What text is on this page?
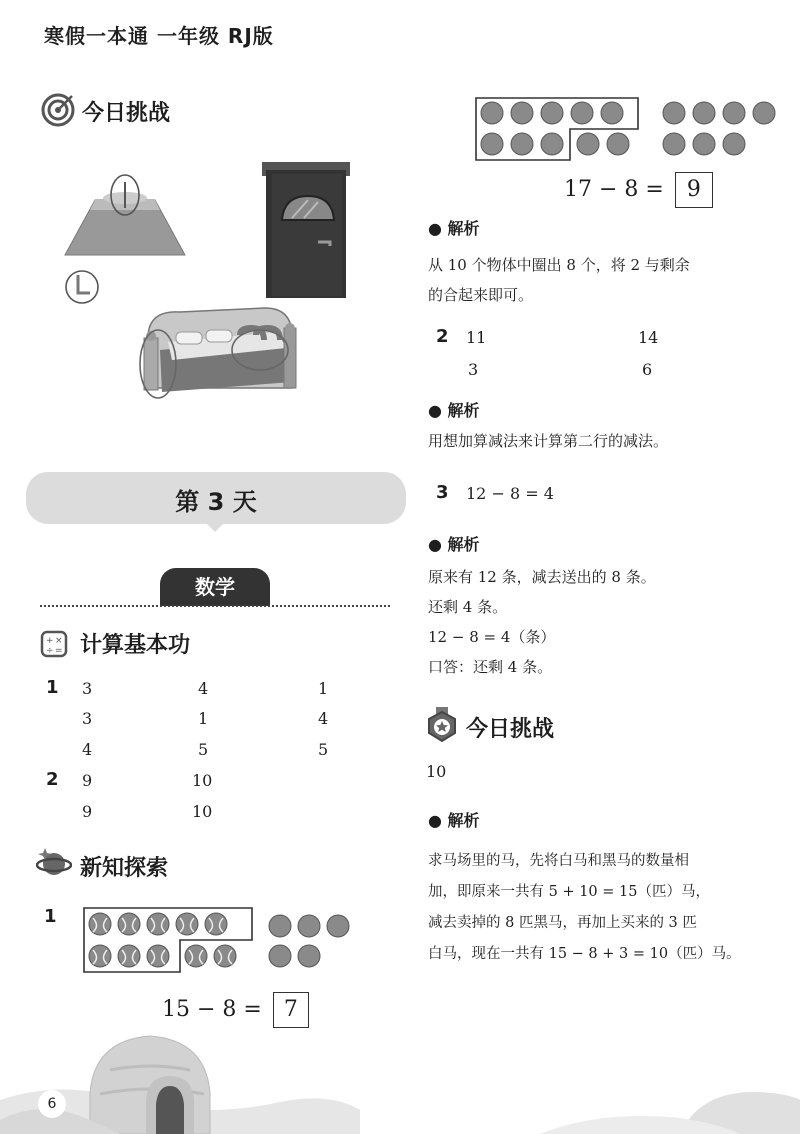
寒假一本通 一年级 RJ版
今日挑战
第 3 天
数学
+ ×
÷ = 计算基本功
1 3	4	1
3	1	4
4	5	5
2 9	10
9	10
新知探索
1
15 − 8 = 7
17 − 8 = 9
● 解析
从 10 个物体中圈出 8 个，将 2 与剩余
的合起来即可。
2 11	14
3	6
● 解析
用想加算减法来计算第二行的减法。
3 12 − 8 = 4
● 解析
原来有 12 条，减去送出的 8 条。
还剩 4 条。
12 − 8 = 4（条）
口答：还剩 4 条。
今日挑战
10
● 解析
求马场里的马，先将白马和黑马的数量相
加，即原来一共有 5 + 10 = 15（匹）马，
减去卖掉的 8 匹黑马，再加上买来的 3 匹
白马，现在一共有 15 − 8 + 3 = 10（匹）马。
6
